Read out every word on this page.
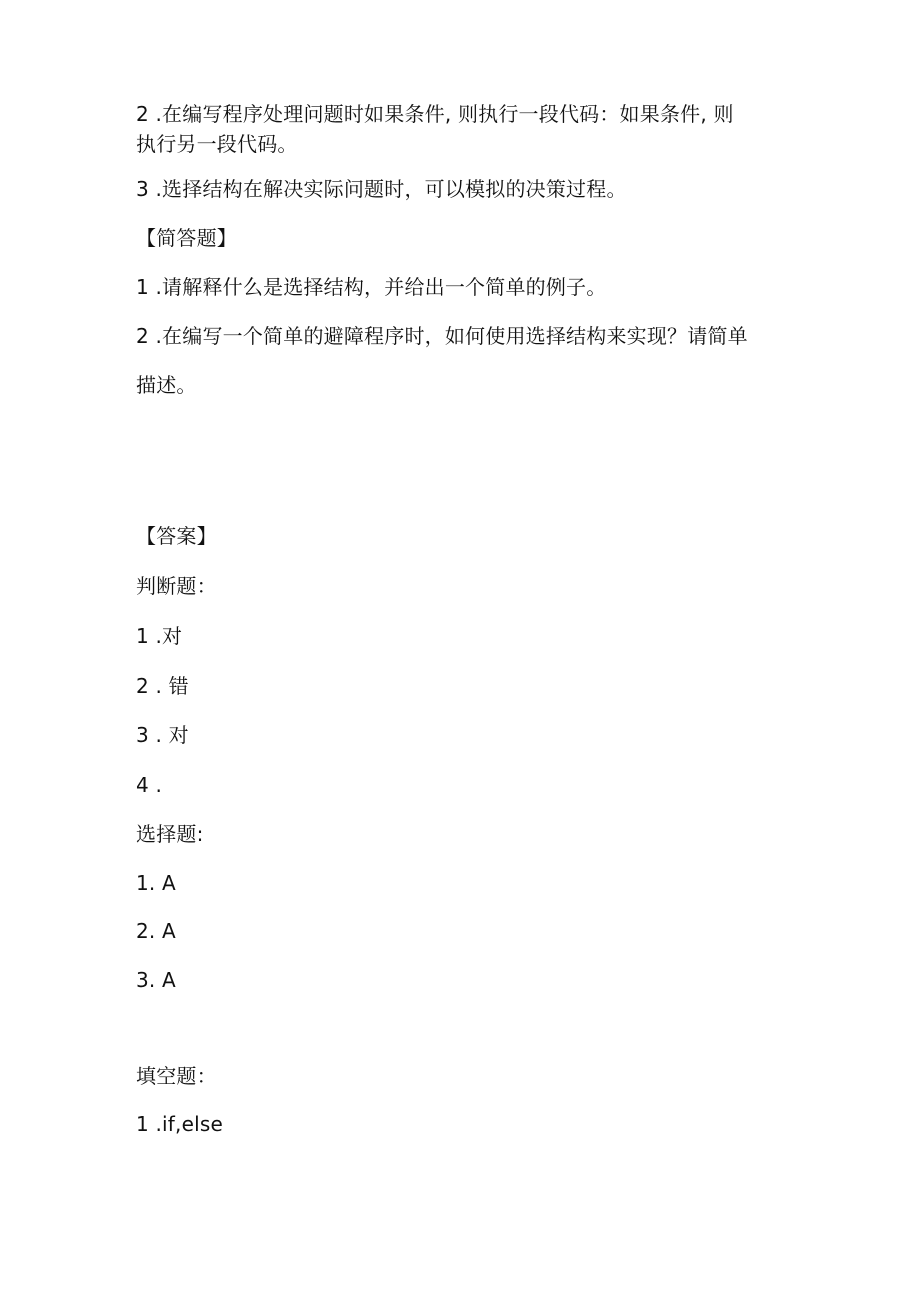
2 .在编写程序处理问题时如果条件, 则执行一段代码：如果条件, 则
执行另一段代码。
3 .选择结构在解决实际问题时，可以模拟的决策过程。
【简答题】
1 .请解释什么是选择结构，并给出一个简单的例子。
2 .在编写一个简单的避障程序时，如何使用选择结构来实现？请简单
描述。
【答案】
判断题：
1 .对
2 . 错
3 . 对
4 .
选择题:
1. A
2. A
3. A
填空题：
1 .if,else
